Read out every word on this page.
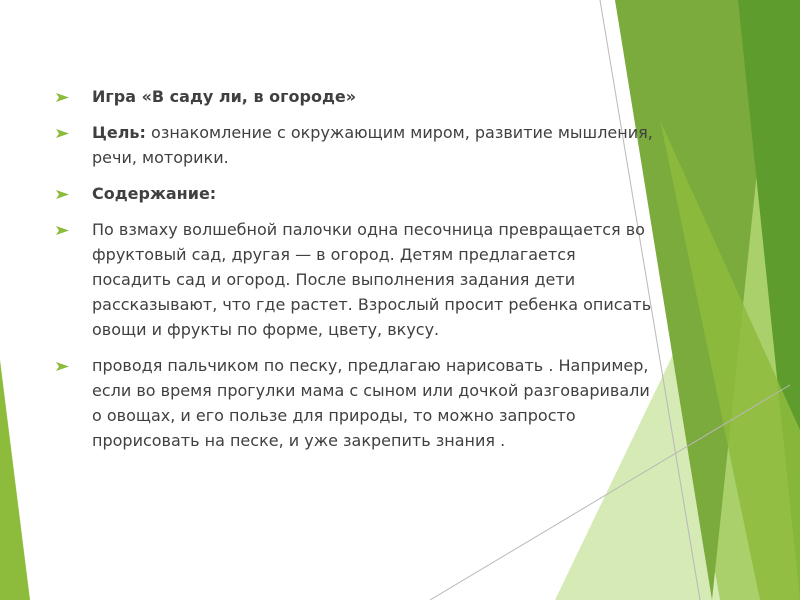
Игра «В саду ли, в огороде»
Цель: ознакомление с окружающим миром, развитие мышления, речи, моторики.
Содержание:
По взмаху волшебной палочки одна песочница превращается во фруктовый сад, другая — в огород. Детям предлагается посадить сад и огород. После выполнения задания дети рассказывают, что где растет. Взрослый просит ребенка описать овощи и фрукты по форме, цвету, вкусу.
проводя пальчиком по песку, предлагаю нарисовать . Например, если во время прогулки мама с сыном или дочкой разговаривали о овощах, и его пользе для природы, то можно запросто прорисовать на песке, и уже закрепить знания .
